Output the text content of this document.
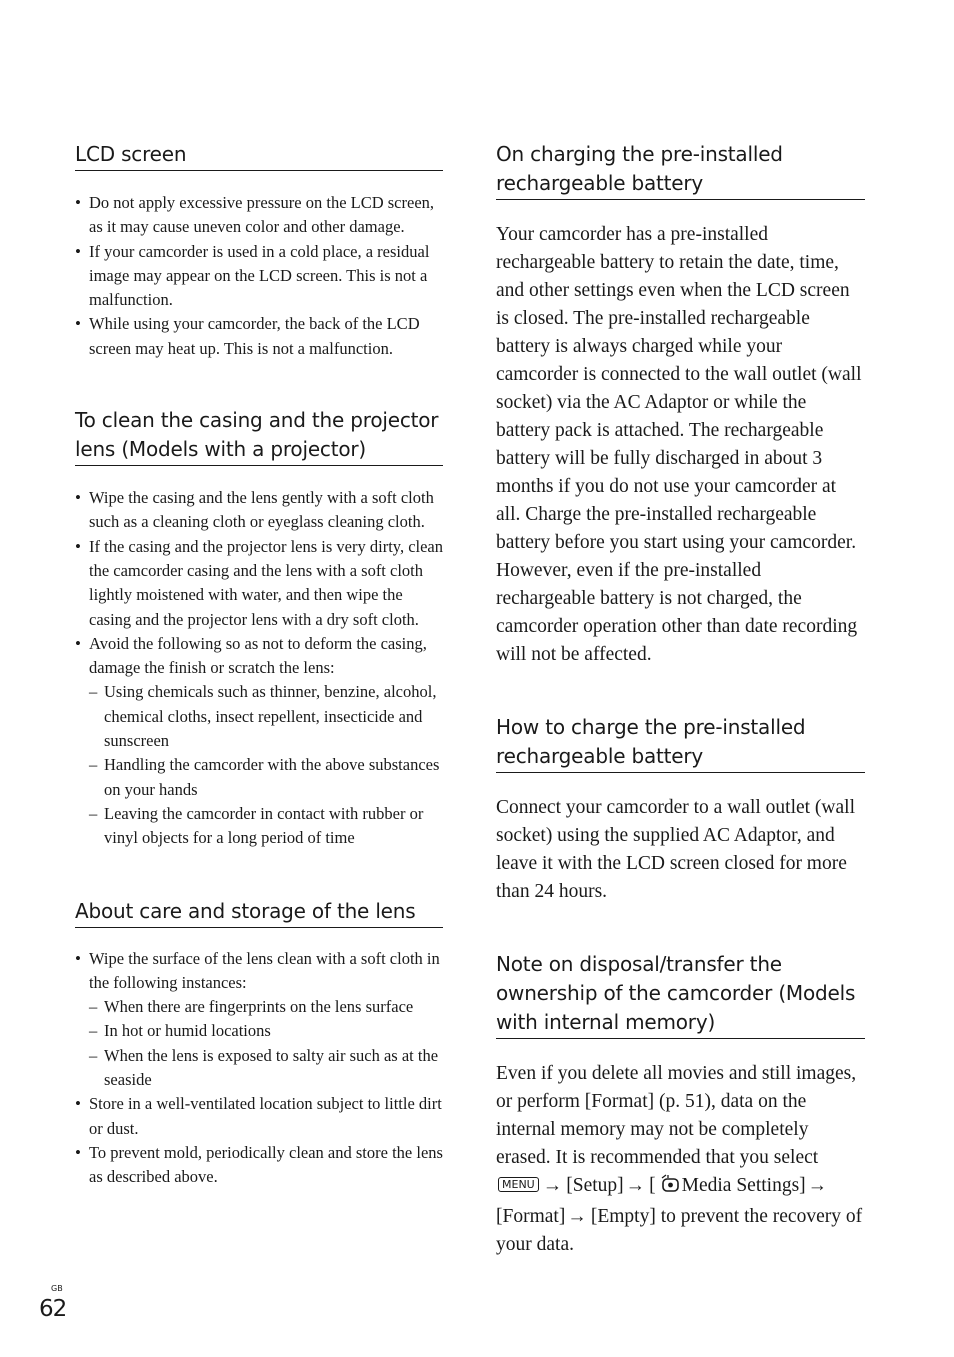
LCD screen
• Do not apply excessive pressure on the LCD screen, as it may cause uneven color and other damage.
• If your camcorder is used in a cold place, a residual image may appear on the LCD screen. This is not a malfunction.
• While using your camcorder, the back of the LCD screen may heat up. This is not a malfunction.
To clean the casing and the projector lens (Models with a projector)
• Wipe the casing and the lens gently with a soft cloth such as a cleaning cloth or eyeglass cleaning cloth.
• If the casing and the projector lens is very dirty, clean the camcorder casing and the lens with a soft cloth lightly moistened with water, and then wipe the casing and the projector lens with a dry soft cloth.
• Avoid the following so as not to deform the casing, damage the finish or scratch the lens:
– Using chemicals such as thinner, benzine, alcohol, chemical cloths, insect repellent, insecticide and sunscreen
– Handling the camcorder with the above substances on your hands
– Leaving the camcorder in contact with rubber or vinyl objects for a long period of time
About care and storage of the lens
• Wipe the surface of the lens clean with a soft cloth in the following instances:
– When there are fingerprints on the lens surface
– In hot or humid locations
– When the lens is exposed to salty air such as at the seaside
• Store in a well-ventilated location subject to little dirt or dust.
• To prevent mold, periodically clean and store the lens as described above.
On charging the pre-installed rechargeable battery

Your camcorder has a pre-installed rechargeable battery to retain the date, time, and other settings even when the LCD screen is closed. The pre-installed rechargeable battery is always charged while your camcorder is connected to the wall outlet (wall socket) via the AC Adaptor or while the battery pack is attached. The rechargeable battery will be fully discharged in about 3 months if you do not use your camcorder at all. Charge the pre-installed rechargeable battery before you start using your camcorder.

However, even if the pre-installed rechargeable battery is not charged, the camcorder operation other than date recording will not be affected.

How to charge the pre-installed rechargeable battery

Connect your camcorder to a wall outlet (wall socket) using the supplied AC Adaptor, and leave it with the LCD screen closed for more than 24 hours.

Note on disposal/transfer the ownership of the camcorder (Models with internal memory)

Even if you delete all movies and still images, or perform [Format] (p. 51), data on the internal memory may not be completely erased. It is recommended that you select MENU → [Setup] → [ Media Settings] →[Format] → [Empty] to prevent the recovery of your data.

GB
62
